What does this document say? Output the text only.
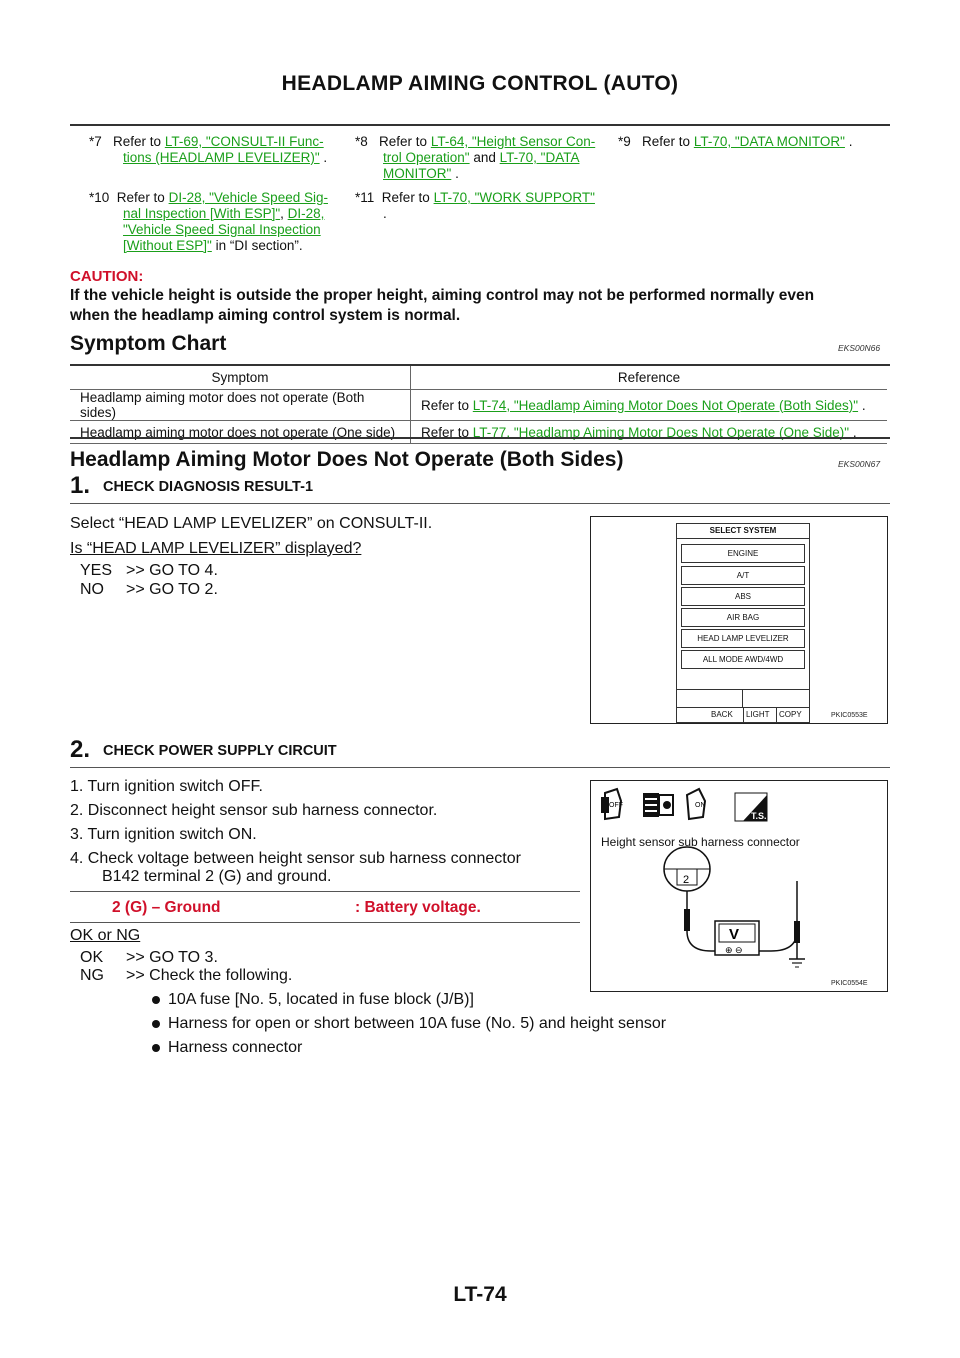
HEADLAMP AIMING CONTROL (AUTO)
*7 Refer to LT-69, "CONSULT-II Func-
tions (HEADLAMP LEVELIZER)" .
*8 Refer to LT-64, "Height Sensor Con-
trol Operation" and LT-70, "DATA
MONITOR" .
*9 Refer to LT-70, "DATA MONITOR" .
*10 Refer to DI-28, "Vehicle Speed Sig-
nal Inspection [With ESP]", DI-28,
"Vehicle Speed Signal Inspection
[Without ESP]" in “DI section”.
*11 Refer to LT-70, "WORK SUPPORT"
.
CAUTION:
If the vehicle height is outside the proper height, aiming control may not be performed normally even
when the headlamp aiming control system is normal.
Symptom Chart	EKS00N66
Symptom	Reference
Headlamp aiming motor does not operate (Both sides)	Refer to LT-74, "Headlamp Aiming Motor Does Not Operate (Both Sides)" .
Headlamp aiming motor does not operate (One side)	Refer to LT-77, "Headlamp Aiming Motor Does Not Operate (One Side)" .
Headlamp Aiming Motor Does Not Operate (Both Sides)	EKS00N67
1. CHECK DIAGNOSIS RESULT-1
Select “HEAD LAMP LEVELIZER” on CONSULT-II.
Is “HEAD LAMP LEVELIZER” displayed?
YES >> GO TO 4.
NO >> GO TO 2.
SELECT SYSTEM
ENGINE
A/T
ABS
AIR BAG
HEAD LAMP LEVELIZER
ALL MODE AWD/4WD
BACK LIGHT COPY	PKIC0553E
2. CHECK POWER SUPPLY CIRCUIT
1. Turn ignition switch OFF.
2. Disconnect height sensor sub harness connector.
3. Turn ignition switch ON.
4. Check voltage between height sensor sub harness connector
B142 terminal 2 (G) and ground.
2 (G) – Ground	: Battery voltage.
OK or NG
OK >> GO TO 3.
NG >> Check the following.
10A fuse [No. 5, located in fuse block (J/B)]
Harness for open or short between 10A fuse (No. 5) and height sensor
Harness connector
OFF	ON
T.S.
2
V
⊕ ⊖
Height sensor sub harness connector
PKIC0554E
LT-74
